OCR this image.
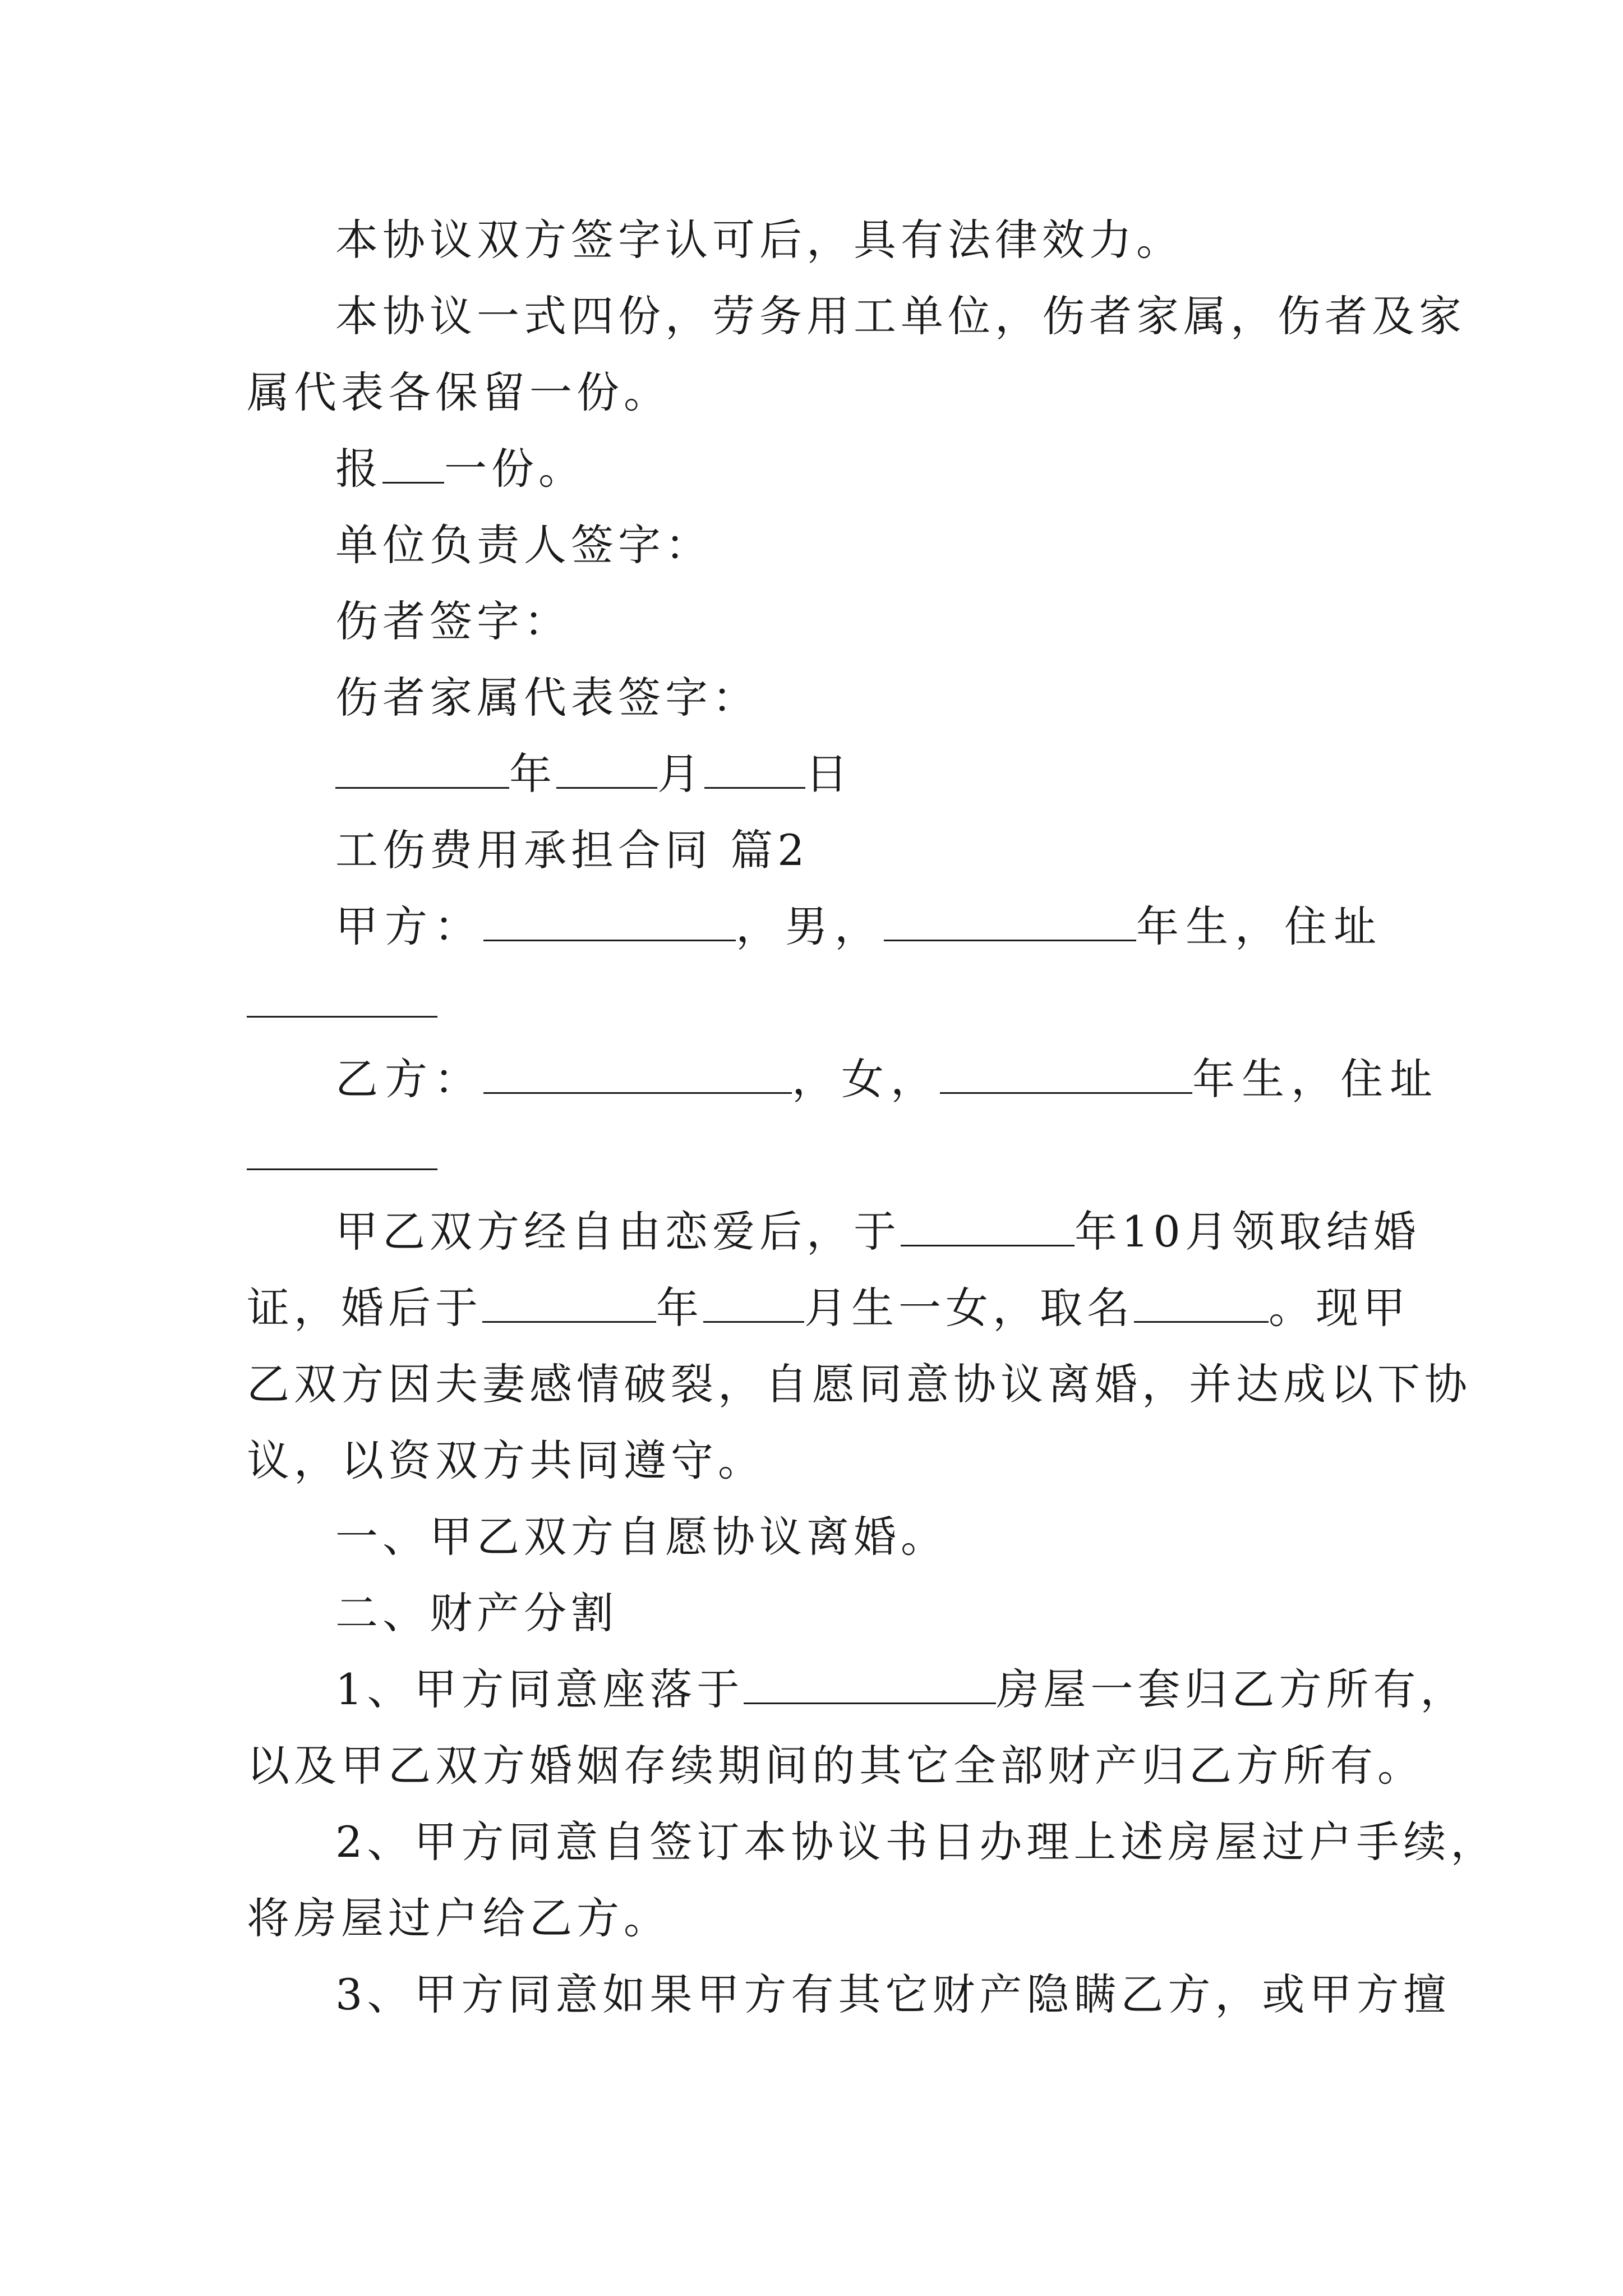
本协议双方签字认可后，具有法律效力。
本协议一式四份，劳务用工单位，伤者家属，伤者及家
属代表各保留一份。
报 一份。
单位负责人签字：
伤者签字：
伤者家属代表签字：
年 月 日
工伤费用承担合同 篇2
甲方：	，男，	年生，住址
乙方：	，女，	年生，住址
甲乙双方经自由恋爱后，于	年10月领取结婚
证，婚后于	年 月生一女，取名	。现甲
乙双方因夫妻感情破裂，自愿同意协议离婚，并达成以下协
议，以资双方共同遵守。
一、甲乙双方自愿协议离婚。
二、财产分割
1、甲方同意座落于	房屋一套归乙方所有，
以及甲乙双方婚姻存续期间的其它全部财产归乙方所有。
2、甲方同意自签订本协议书日办理上述房屋过户手续，
将房屋过户给乙方。
3、甲方同意如果甲方有其它财产隐瞒乙方，或甲方擅
